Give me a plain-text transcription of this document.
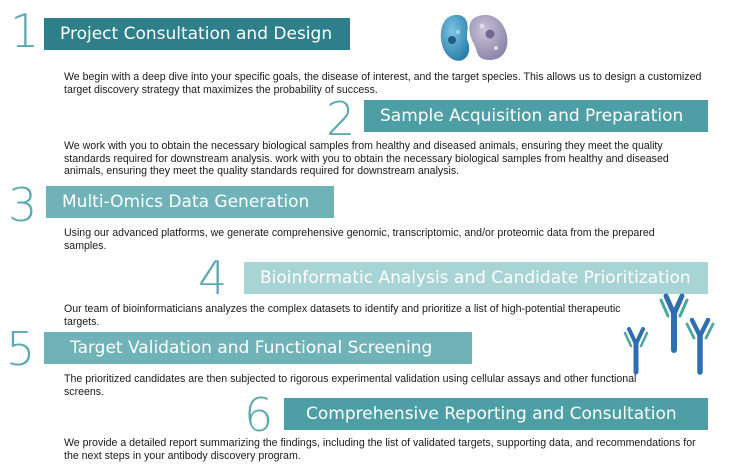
1	Project Consultation and Design
We begin with a deep dive into your specific goals, the disease of interest, and the target species. This allows us to design a customized target discovery strategy that maximizes the probability of success.
2	Sample Acquisition and Preparation
We work with you to obtain the necessary biological samples from healthy and diseased animals, ensuring they meet the quality standards required for downstream analysis. work with you to obtain the necessary biological samples from healthy and diseased animals, ensuring they meet the quality standards required for downstream analysis.
3	Multi-Omics Data Generation
Using our advanced platforms, we generate comprehensive genomic, transcriptomic, and/or proteomic data from the prepared samples.
4	Bioinformatic Analysis and Candidate Prioritization
Our team of bioinformaticians analyzes the complex datasets to identify and prioritize a list of high-potential therapeutic targets.
5	Target Validation and Functional Screening
The prioritized candidates are then subjected to rigorous experimental validation using cellular assays and other functional screens.	6	Comprehensive Reporting and Consultation
We provide a detailed report summarizing the findings, including the list of validated targets, supporting data, and recommendations for the next steps in your antibody discovery program.
